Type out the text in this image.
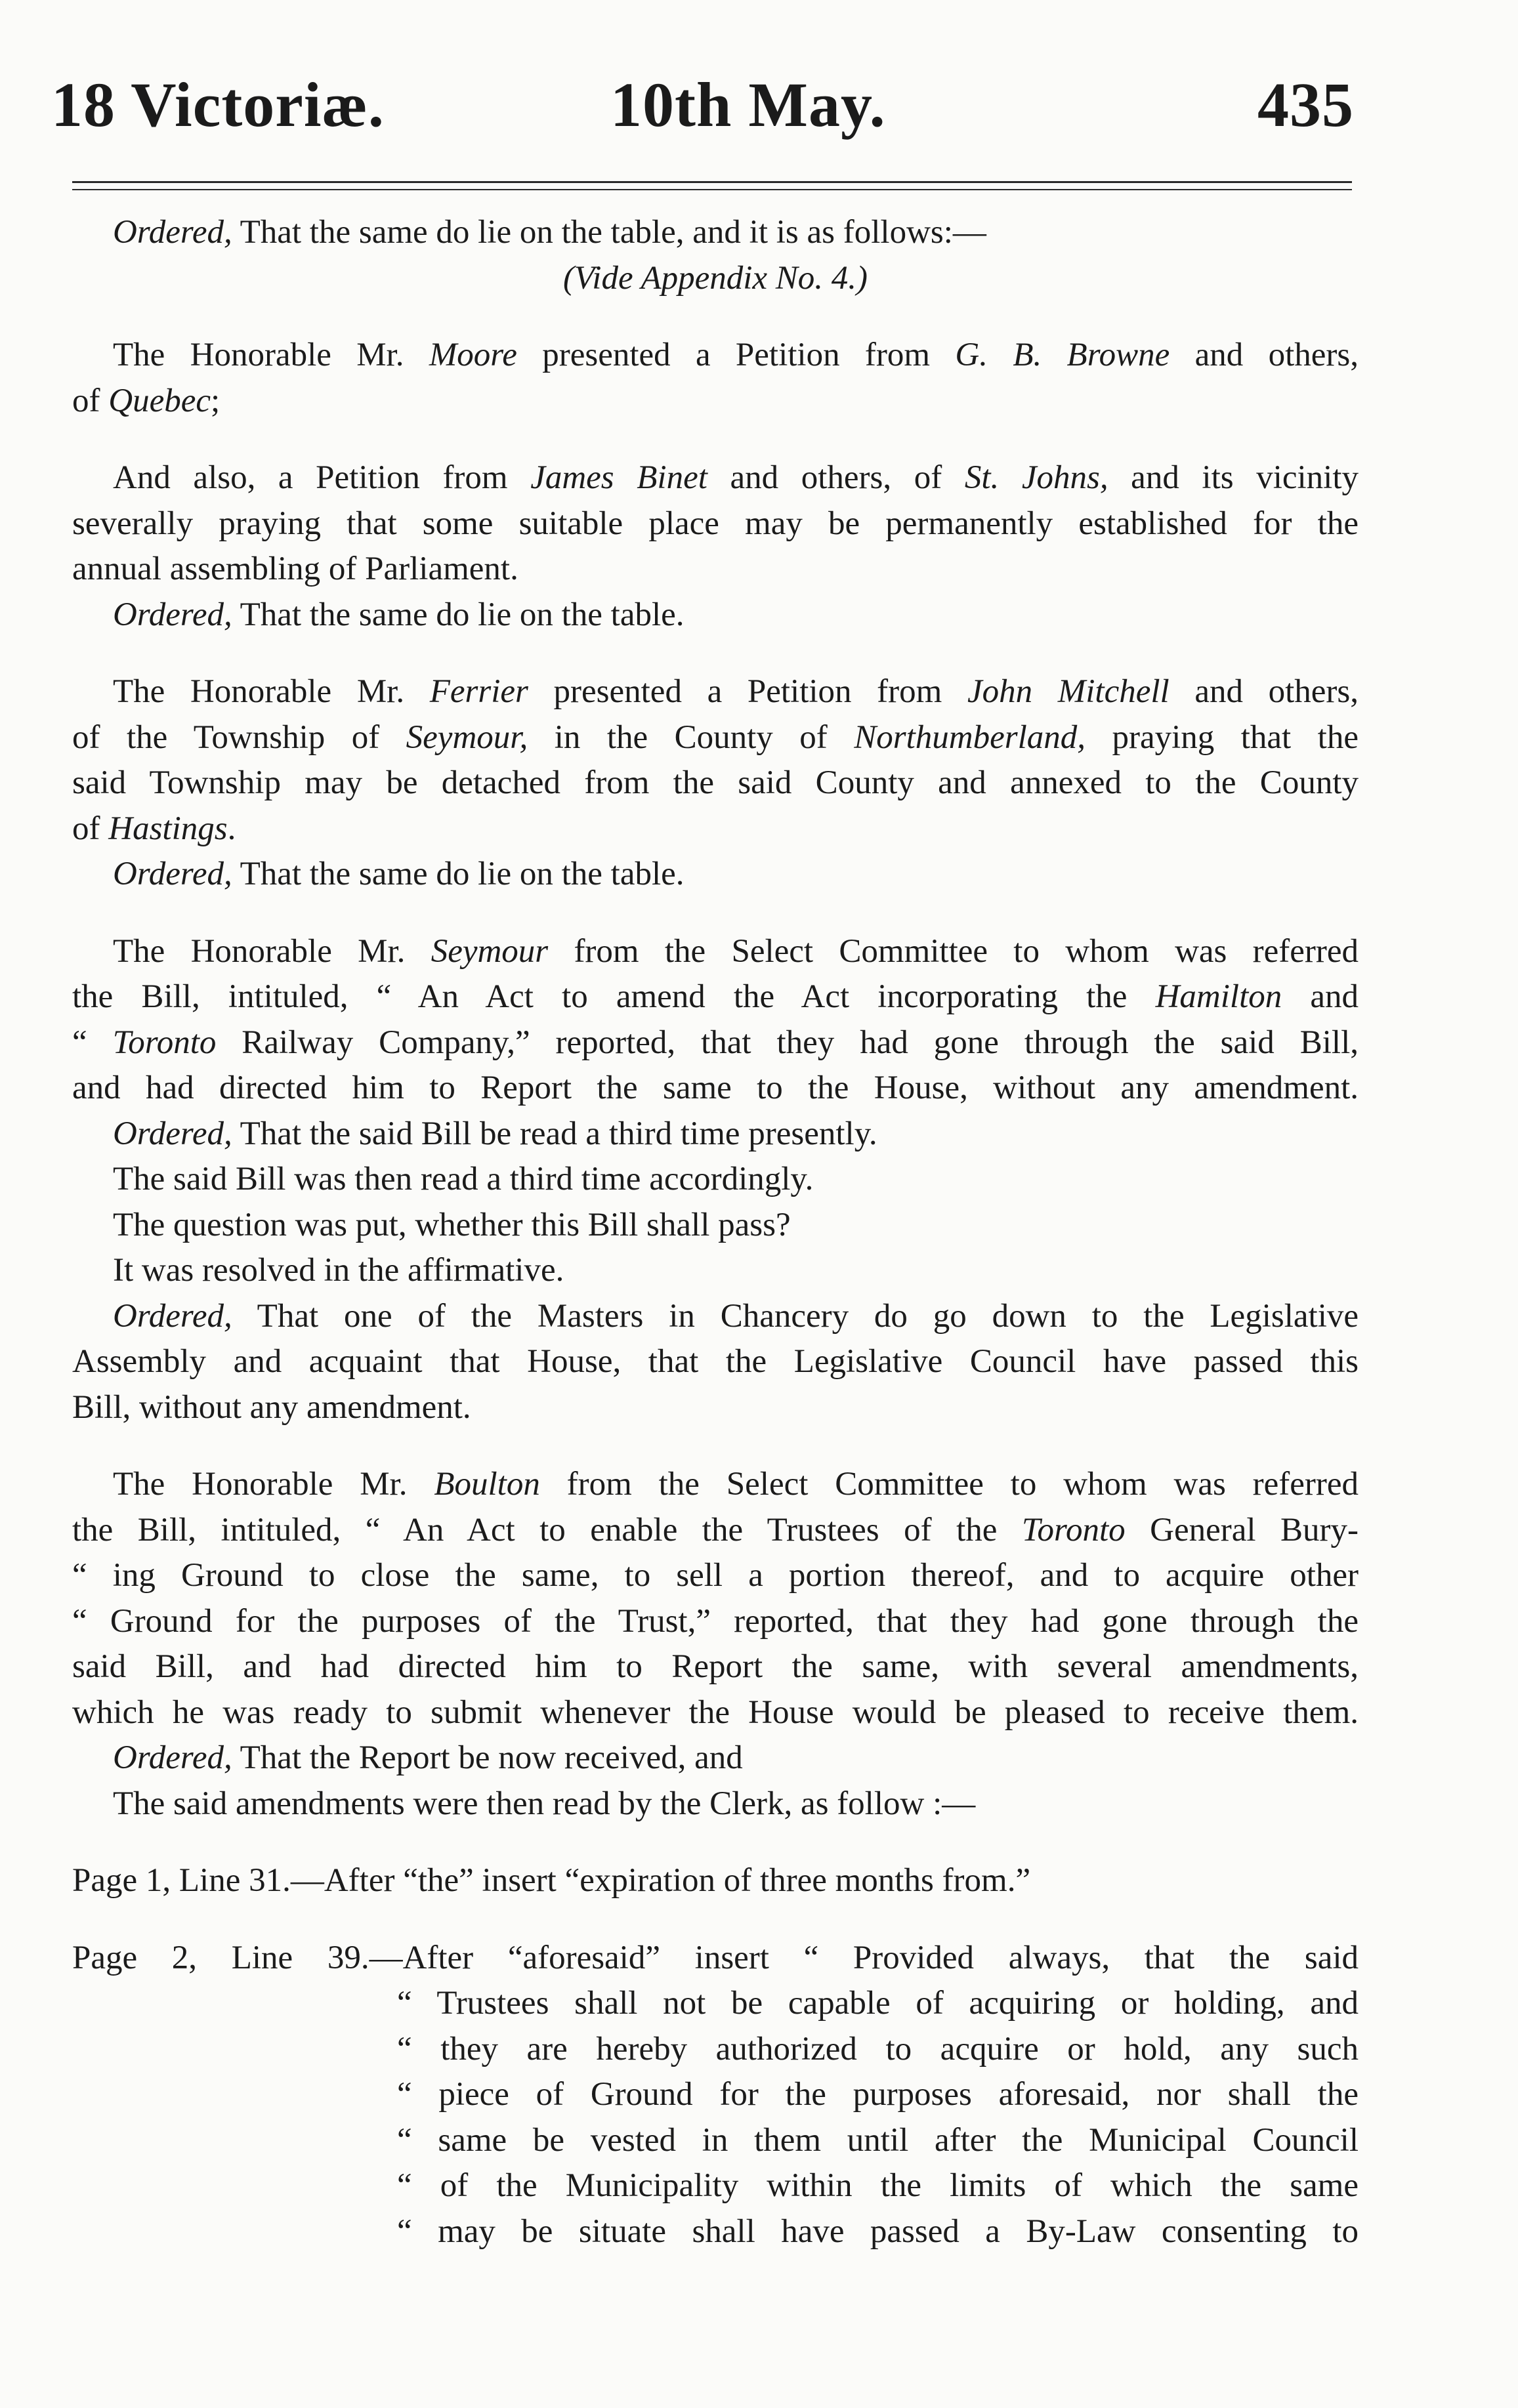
18 Victoriæ.	10th May.	435
Ordered, That the same do lie on the table, and it is as follows:—
(Vide Appendix No. 4.)
The Honorable Mr. Moore presented a Petition from G. B. Browne and others,
of Quebec;
And also, a Petition from James Binet and others, of St. Johns, and its vicinity
severally praying that some suitable place may be permanently established for the
annual assembling of Parliament.
Ordered, That the same do lie on the table.
The Honorable Mr. Ferrier presented a Petition from John Mitchell and others,
of the Township of Seymour, in the County of Northumberland, praying that the
said Township may be detached from the said County and annexed to the County
of Hastings.
Ordered, That the same do lie on the table.
The Honorable Mr. Seymour from the Select Committee to whom was referred
the Bill, intituled, “ An Act to amend the Act incorporating the Hamilton and
“ Toronto Railway Company,” reported, that they had gone through the said Bill,
and had directed him to Report the same to the House, without any amendment.
Ordered, That the said Bill be read a third time presently.
The said Bill was then read a third time accordingly.
The question was put, whether this Bill shall pass?
It was resolved in the affirmative.
Ordered, That one of the Masters in Chancery do go down to the Legislative
Assembly and acquaint that House, that the Legislative Council have passed this
Bill, without any amendment.
The Honorable Mr. Boulton from the Select Committee to whom was referred
the Bill, intituled, “ An Act to enable the Trustees of the Toronto General Bury-
“ ing Ground to close the same, to sell a portion thereof, and to acquire other
“ Ground for the purposes of the Trust,” reported, that they had gone through the
said Bill, and had directed him to Report the same, with several amendments,
which he was ready to submit whenever the House would be pleased to receive them.
Ordered, That the Report be now received, and
The said amendments were then read by the Clerk, as follow :—
Page 1, Line 31.—After “the” insert “expiration of three months from.”
Page 2, Line 39.—After “aforesaid” insert “ Provided always, that the said
“ Trustees shall not be capable of acquiring or holding, and
“ they are hereby authorized to acquire or hold, any such
“ piece of Ground for the purposes aforesaid, nor shall the
“ same be vested in them until after the Municipal Council
“ of the Municipality within the limits of which the same
“ may be situate shall have passed a By-Law consenting to
